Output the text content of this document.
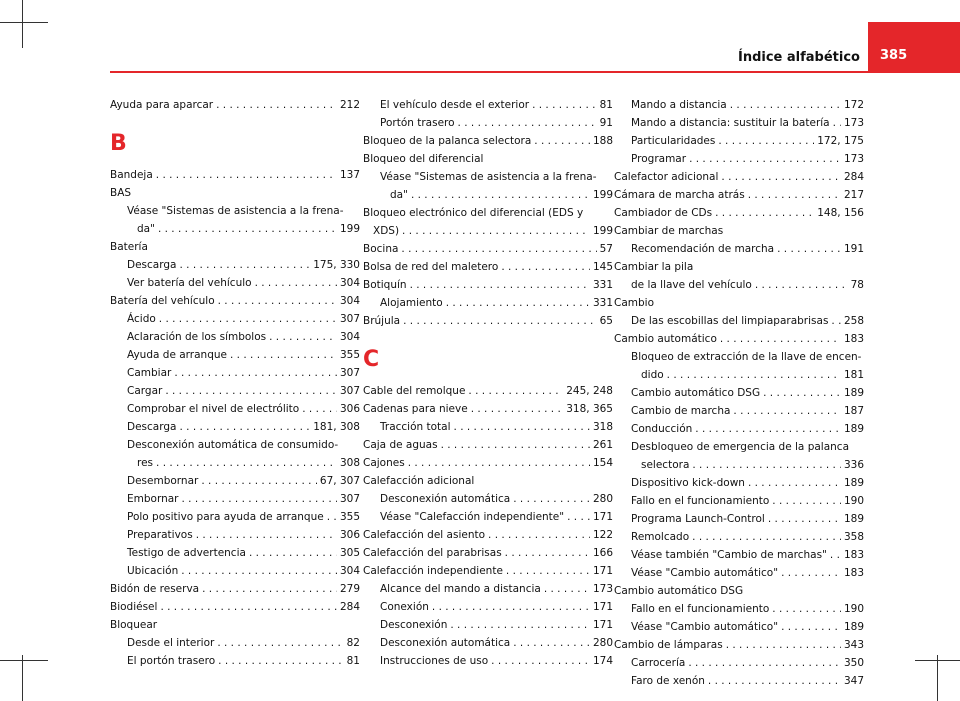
Índice alfabético 385
Ayuda para aparcar . . .	212
B
Bandeja . . .	137
BAS
Véase "Sistemas de asistencia a la frena-
da" . . .	199
Batería
Descarga . . .	175, 330
Ver batería del vehículo . . .	304
Batería del vehículo . . .	304
Ácido . . .	307
Aclaración de los símbolos . . .	304
Ayuda de arranque . . .	355
Cambiar . . .	307
Cargar . . .	307
Comprobar el nivel de electrólito . . .	306
Descarga . . .	181, 308
Desconexión automática de consumido-
res . . .	308
Desembornar . . .	67, 307
Embornar . . .	307
Polo positivo para ayuda de arranque . . . 355
Preparativos . . .	306
Testigo de advertencia . . .	305
Ubicación . . .	304
Bidón de reserva . . .	279
Biodiésel . . .	284
Bloquear
Desde el interior . . .	82
El portón trasero . . .	81
El vehículo desde el exterior . . .	81
Portón trasero . . .	91
Bloqueo de la palanca selectora . . .	188
Bloqueo del diferencial
Véase "Sistemas de asistencia a la frena-
da" . . .	199
Bloqueo electrónico del diferencial (EDS y
XDS) . . .	199
Bocina . . .	57
Bolsa de red del maletero . . .	145
Botiquín . . .	331
Alojamiento . . .	331
Brújula . . .	65
C
Cable del remolque . . .	245, 248
Cadenas para nieve . . .	318, 365
Tracción total . . .	318
Caja de aguas . . .	261
Cajones . . .	154
Calefacción adicional
Desconexión automática . . .	280
Véase "Calefacción independiente" . . .	171
Calefacción del asiento . . .	122
Calefacción del parabrisas . . .	166
Calefacción independiente . . .	171
Alcance del mando a distancia . . .	173
Conexión . . .	171
Desconexión . . .	171
Desconexión automática . . .	280
Instrucciones de uso . . .	174
Mando a distancia . . .	172
Mando a distancia: sustituir la batería . . . 173
Particularidades . . .	172, 175
Programar . . .	173
Calefactor adicional . . .	284
Cámara de marcha atrás . . .	217
Cambiador de CDs . . .	148, 156
Cambiar de marchas
Recomendación de marcha . . .	191
Cambiar la pila
de la llave del vehículo . . .	78
Cambio
De las escobillas del limpiaparabrisas . . . 258
Cambio automático . . .	183
Bloqueo de extracción de la llave de encen-
dido . . .	181
Cambio automático DSG . . .	189
Cambio de marcha . . .	187
Conducción . . .	189
Desbloqueo de emergencia de la palanca
selectora . . .	336
Dispositivo kick-down . . .	189
Fallo en el funcionamiento . . .	190
Programa Launch-Control . . .	189
Remolcado . . .	358
Véase también "Cambio de marchas" . . . 183
Véase "Cambio automático" . . .	183
Cambio automático DSG
Fallo en el funcionamiento . . .	190
Véase "Cambio automático" . . .	189
Cambio de lámparas . . .	343
Carrocería . . .	350
Faro de xenón . . .	347
